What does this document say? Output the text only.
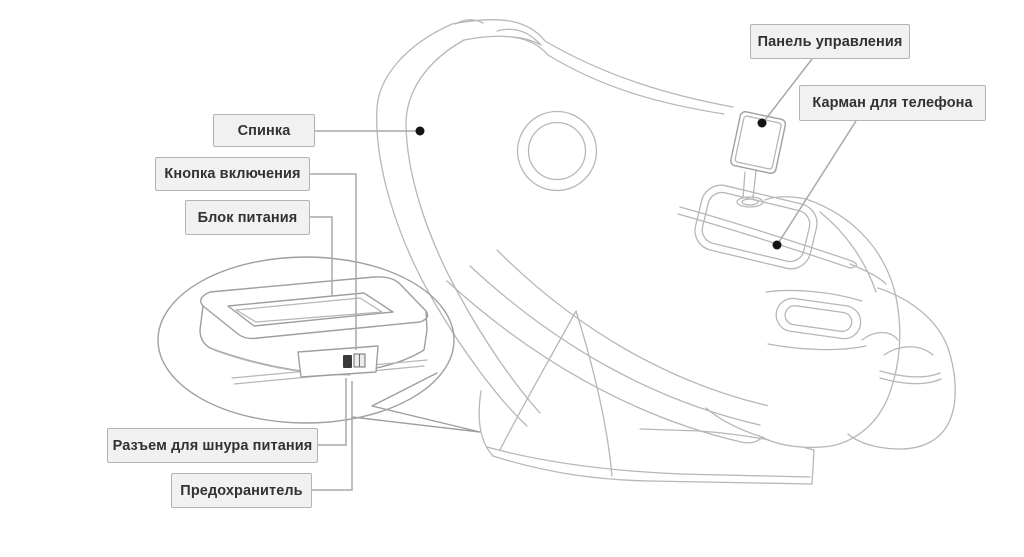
Панель управления
Карман для телефона
Спинка
Кнопка включения
Блок питания
Разъем для шнура питания
Предохранитель
